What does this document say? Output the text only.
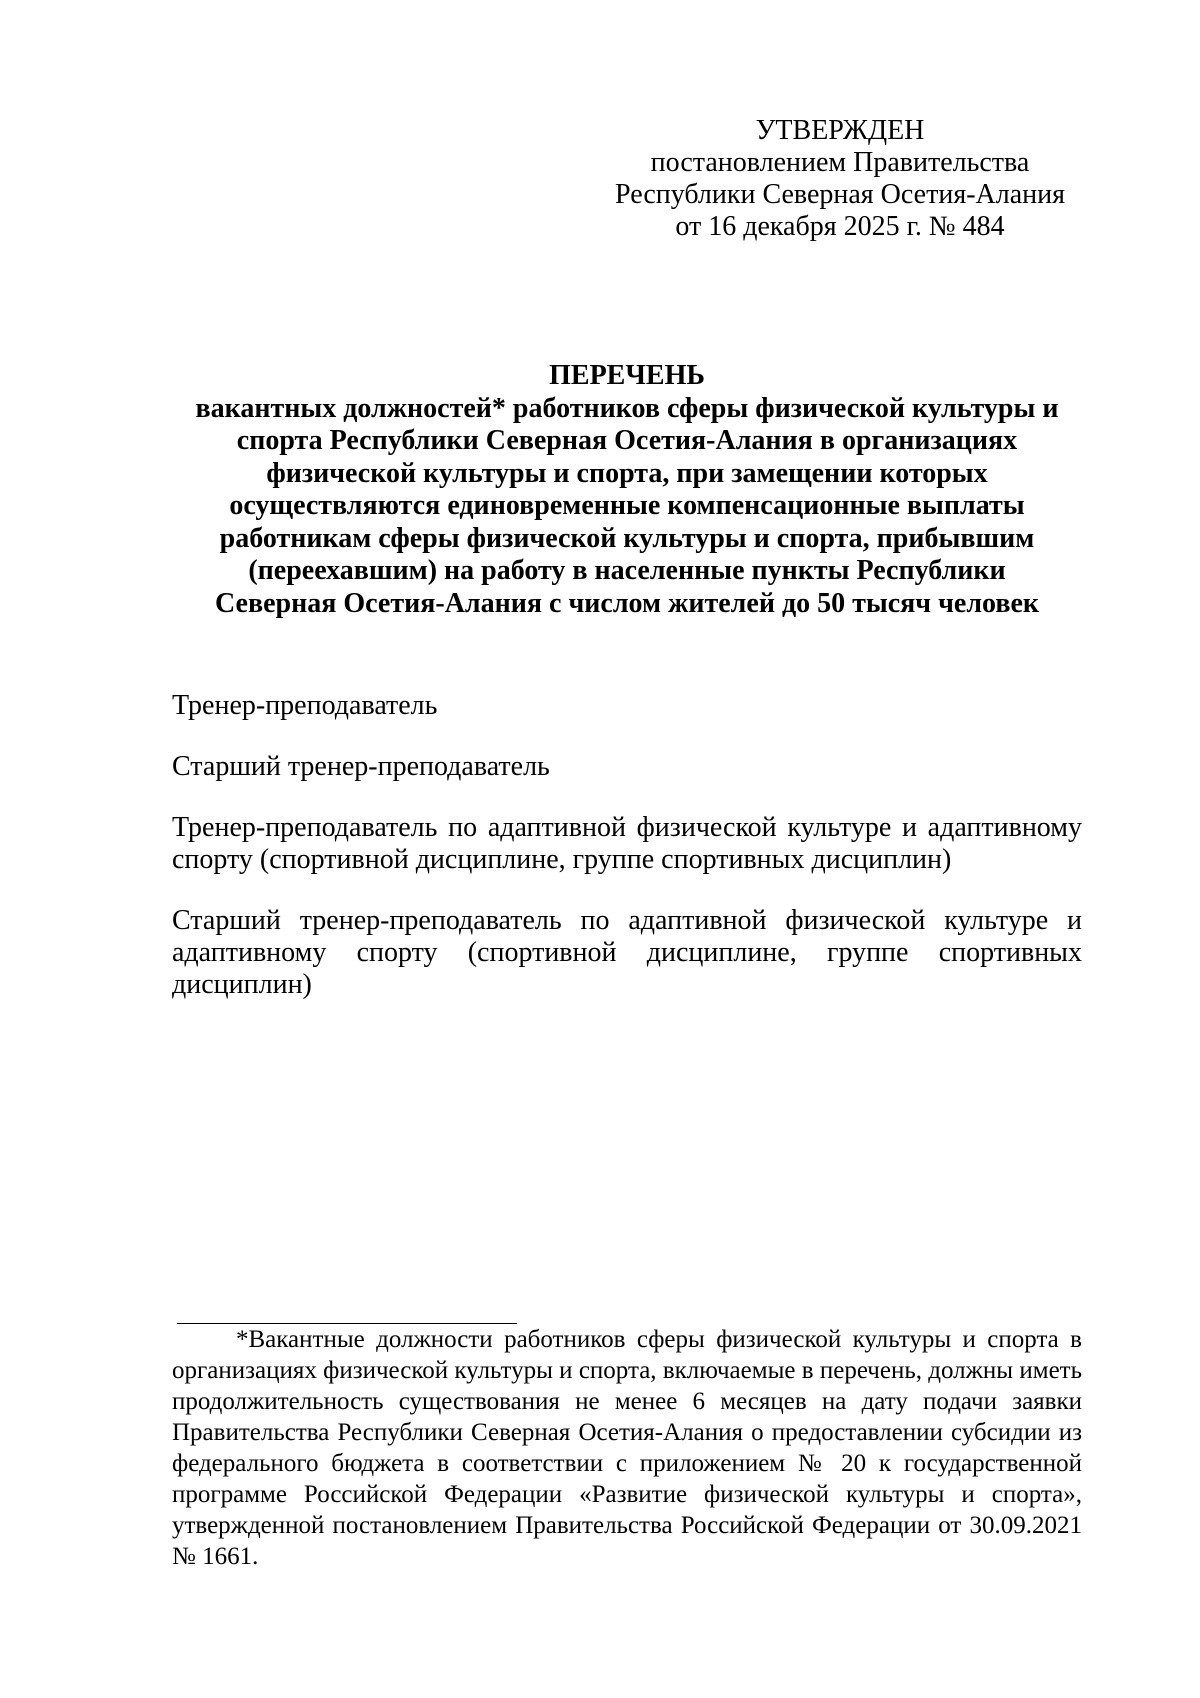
УТВЕРЖДЕН
постановлением Правительства
Республики Северная Осетия-Алания
от 16 декабря 2025 г. № 484
ПЕРЕЧЕНЬ
вакантных должностей* работников сферы физической культуры и
спорта Республики Северная Осетия-Алания в организациях
физической культуры и спорта, при замещении которых
осуществляются единовременные компенсационные выплаты
работникам сферы физической культуры и спорта, прибывшим
(переехавшим) на работу в населенные пункты Республики
Северная Осетия-Алания с числом жителей до 50 тысяч человек
Тренер-преподаватель
Старший тренер-преподаватель
Тренер-преподаватель по адаптивной физической культуре и адаптивному
спорту (спортивной дисциплине, группе спортивных дисциплин)
Старший тренер-преподаватель по адаптивной физической культуре и
адаптивному спорту (спортивной дисциплине, группе спортивных дисциплин)
*Вакантные должности работников сферы физической культуры и спорта в
организациях физической культуры и спорта, включаемые в перечень, должны иметь
продолжительность существования не менее 6 месяцев на дату подачи заявки
Правительства Республики Северная Осетия-Алания о предоставлении субсидии из
федерального бюджета в соответствии с приложением № 20 к государственной
программе Российской Федерации «Развитие физической культуры и спорта»,
утвержденной постановлением Правительства Российской Федерации от 30.09.2021
№ 1661.
